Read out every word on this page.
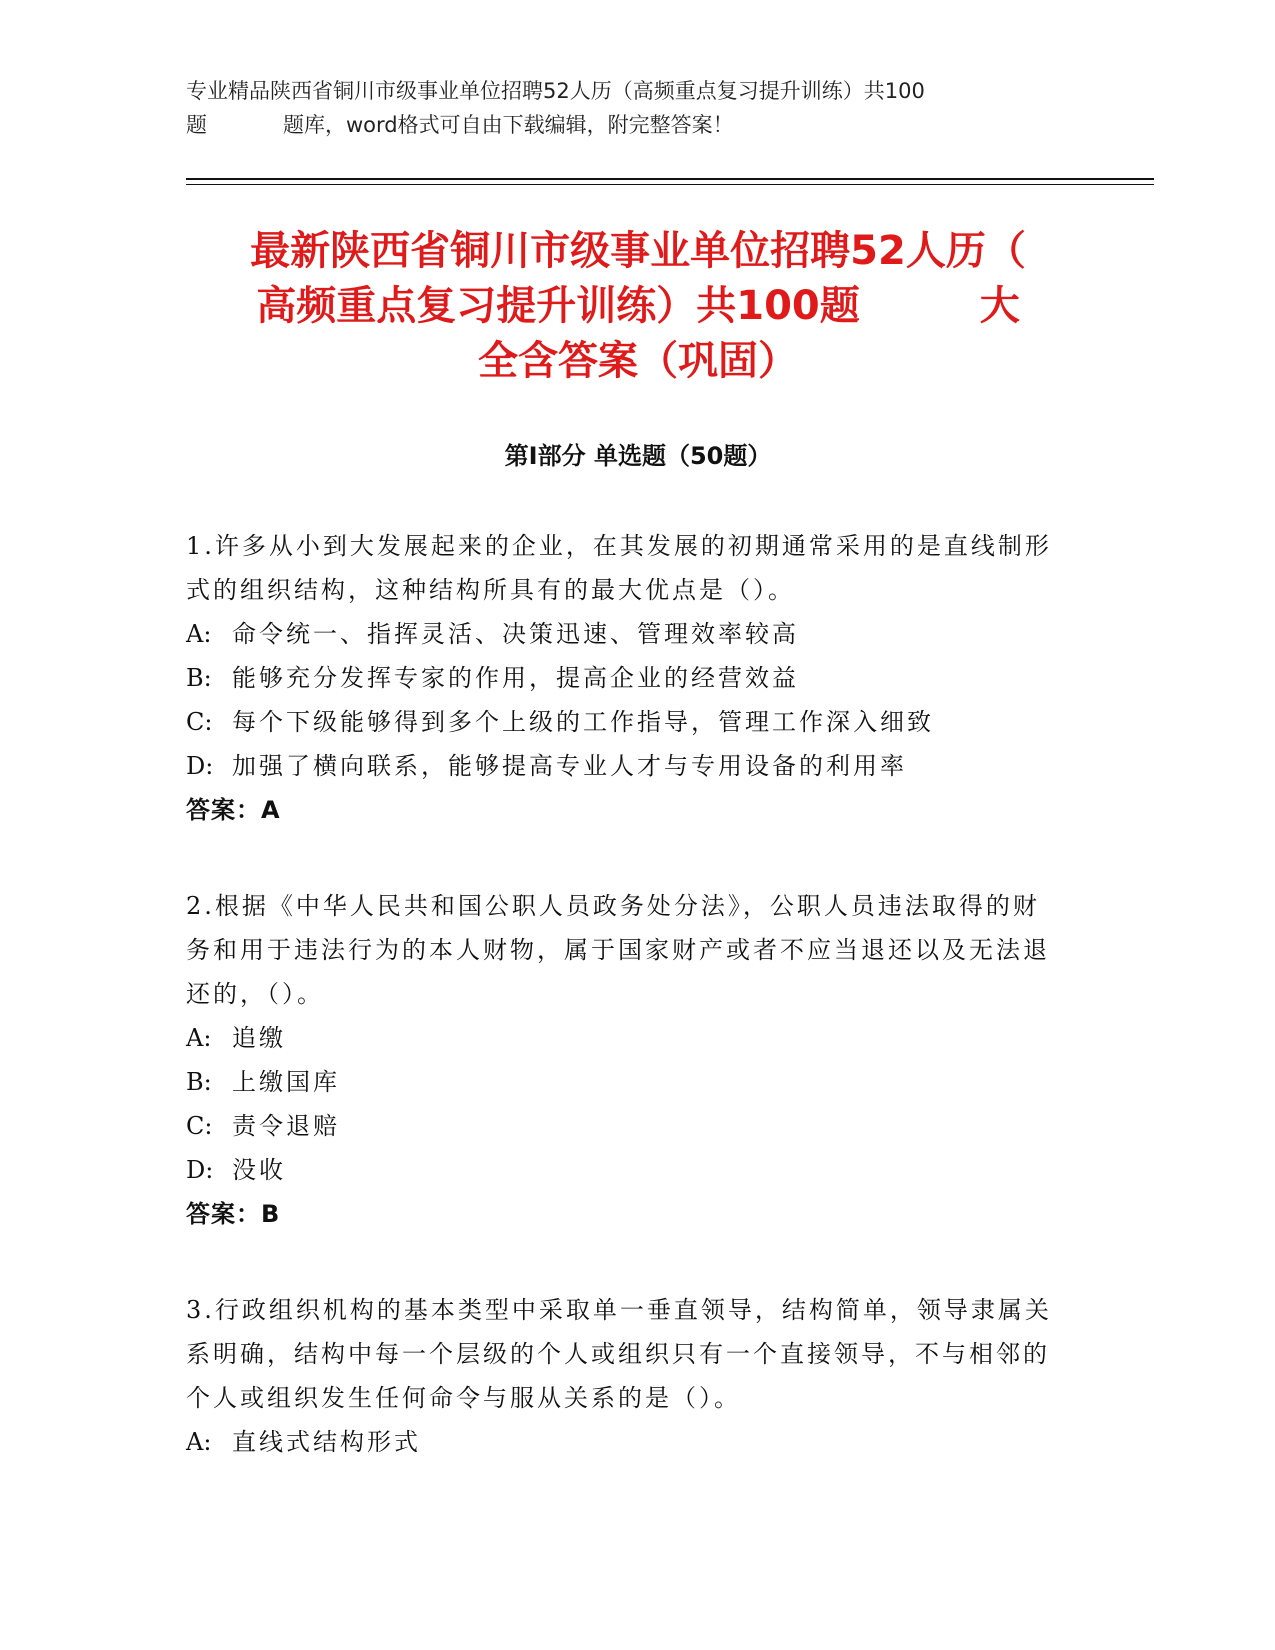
专业精品陕西省铜川市级事业单位招聘52人历（高频重点复习提升训练）共100
题	题库，word格式可自由下载编辑，附完整答案！
最新陕西省铜川市级事业单位招聘52人历（
高频重点复习提升训练）共100题	大
全含答案（巩固）
第Ⅰ部分 单选题（50题）

1.许多从小到大发展起来的企业，在其发展的初期通常采用的是直线制形式的组织结构，这种结构所具有的最大优点是（）。

A: 命令统一、指挥灵活、决策迅速、管理效率较高

B: 能够充分发挥专家的作用，提高企业的经营效益

C: 每个下级能够得到多个上级的工作指导，管理工作深入细致

D: 加强了横向联系，能够提高专业人才与专用设备的利用率

答案：A

2.根据《中华人民共和国公职人员政务处分法》，公职人员违法取得的财务和用于违法行为的本人财物，属于国家财产或者不应当退还以及无法退还的，（）。

A: 追缴

B: 上缴国库

C: 责令退赔

D: 没收

答案：B

3.行政组织机构的基本类型中采取单一垂直领导，结构简单，领导隶属关系明确，结构中每一个层级的个人或组织只有一个直接领导，不与相邻的个人或组织发生任何命令与服从关系的是（）。

A: 直线式结构形式
